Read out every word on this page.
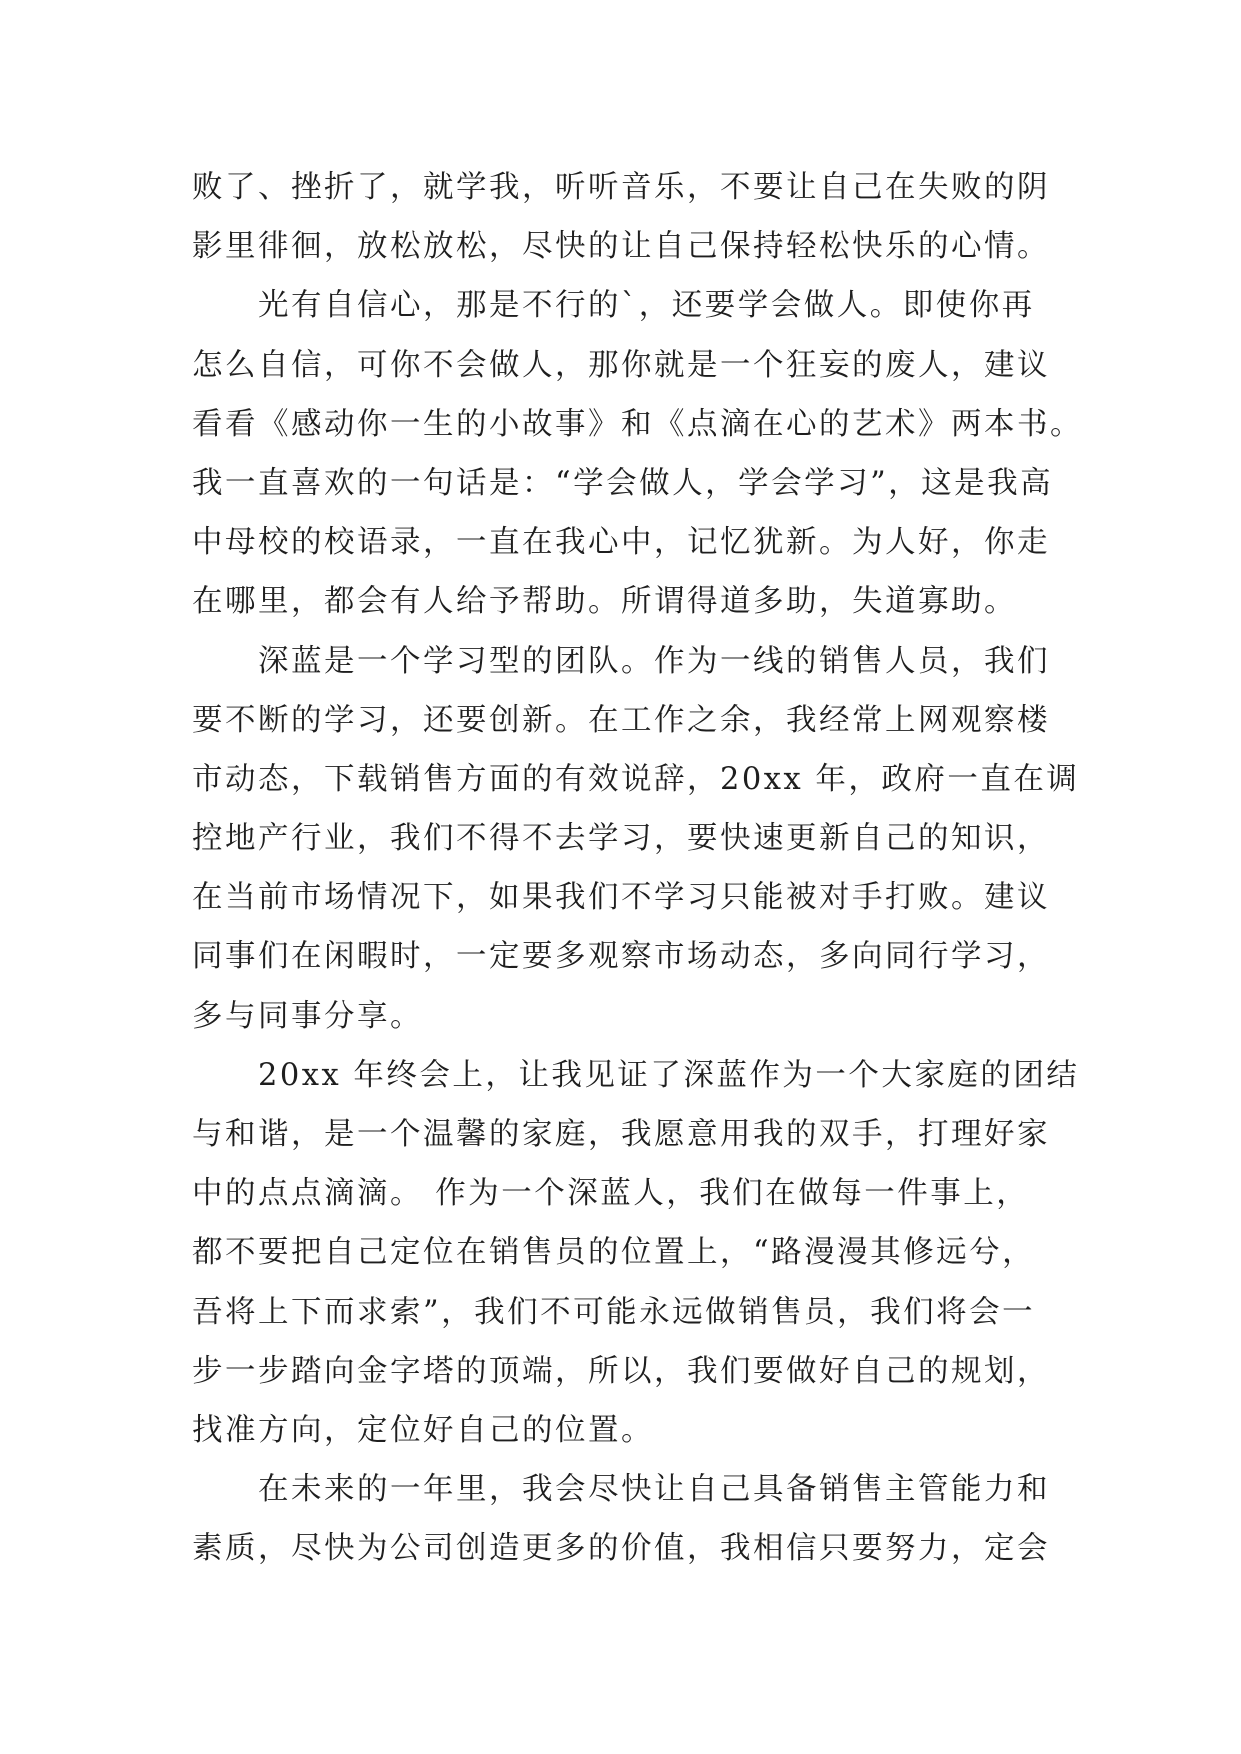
败了、挫折了，就学我，听听音乐，不要让自己在失败的阴
影里徘徊，放松放松，尽快的让自己保持轻松快乐的心情。
　　光有自信心，那是不行的`，还要学会做人。即使你再
怎么自信，可你不会做人，那你就是一个狂妄的废人，建议
看看《感动你一生的小故事》和《点滴在心的艺术》两本书。
我一直喜欢的一句话是：“学会做人，学会学习”，这是我高
中母校的校语录，一直在我心中，记忆犹新。为人好，你走
在哪里，都会有人给予帮助。所谓得道多助，失道寡助。
　　深蓝是一个学习型的团队。作为一线的销售人员，我们
要不断的学习，还要创新。在工作之余，我经常上网观察楼
市动态，下载销售方面的有效说辞，20xx 年，政府一直在调
控地产行业，我们不得不去学习，要快速更新自己的知识，
在当前市场情况下，如果我们不学习只能被对手打败。建议
同事们在闲暇时，一定要多观察市场动态，多向同行学习，
多与同事分享。
　　20xx 年终会上，让我见证了深蓝作为一个大家庭的团结
与和谐，是一个温馨的家庭，我愿意用我的双手，打理好家
中的点点滴滴。 作为一个深蓝人，我们在做每一件事上，
都不要把自己定位在销售员的位置上，“路漫漫其修远兮，
吾将上下而求索”，我们不可能永远做销售员，我们将会一
步一步踏向金字塔的顶端，所以，我们要做好自己的规划，
找准方向，定位好自己的位置。
　　在未来的一年里，我会尽快让自己具备销售主管能力和
素质，尽快为公司创造更多的价值，我相信只要努力，定会
